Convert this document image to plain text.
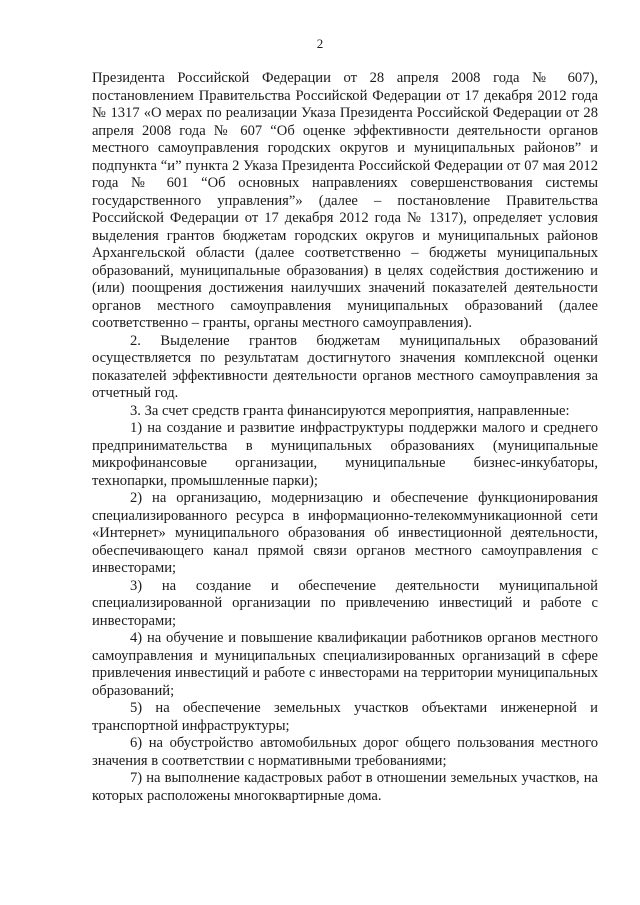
2

Президента Российской Федерации от 28 апреля 2008 года № 607), постановлением Правительства Российской Федерации от 17 декабря 2012 года № 1317 «О мерах по реализации Указа Президента Российской Федерации от 28 апреля 2008 года № 607 “Об оценке эффективности деятельности органов местного самоуправления городских округов и муниципальных районов” и подпункта “и” пункта 2 Указа Президента Российской Федерации от 07 мая 2012 года № 601 “Об основных направлениях совершенствования системы государственного управления”» (далее – постановление Правительства Российской Федерации от 17 декабря 2012 года № 1317), определяет условия выделения грантов бюджетам городских округов и муниципальных районов Архангельской области (далее соответственно – бюджеты муниципальных образований, муниципальные образования) в целях содействия достижению и (или) поощрения достижения наилучших значений показателей деятельности органов местного самоуправления муниципальных образований (далее соответственно – гранты, органы местного самоуправления).

2. Выделение грантов бюджетам муниципальных образований осуществляется по результатам достигнутого значения комплексной оценки показателей эффективности деятельности органов местного самоуправления за отчетный год.

3. За счет средств гранта финансируются мероприятия, направленные:

1) на создание и развитие инфраструктуры поддержки малого и среднего предпринимательства в муниципальных образованиях (муниципальные микрофинансовые организации, муниципальные бизнес-инкубаторы, технопарки, промышленные парки);

2) на организацию, модернизацию и обеспечение функционирования специализированного ресурса в информационно-телекоммуникационной сети «Интернет» муниципального образования об инвестиционной деятельности, обеспечивающего канал прямой связи органов местного самоуправления с инвесторами;

3) на создание и обеспечение деятельности муниципальной специализированной организации по привлечению инвестиций и работе с инвесторами;

4) на обучение и повышение квалификации работников органов местного самоуправления и муниципальных специализированных организаций в сфере привлечения инвестиций и работе с инвесторами на территории муниципальных образований;

5) на обеспечение земельных участков объектами инженерной и транспортной инфраструктуры;

6) на обустройство автомобильных дорог общего пользования местного значения в соответствии с нормативными требованиями;

7) на выполнение кадастровых работ в отношении земельных участков, на которых расположены многоквартирные дома.
